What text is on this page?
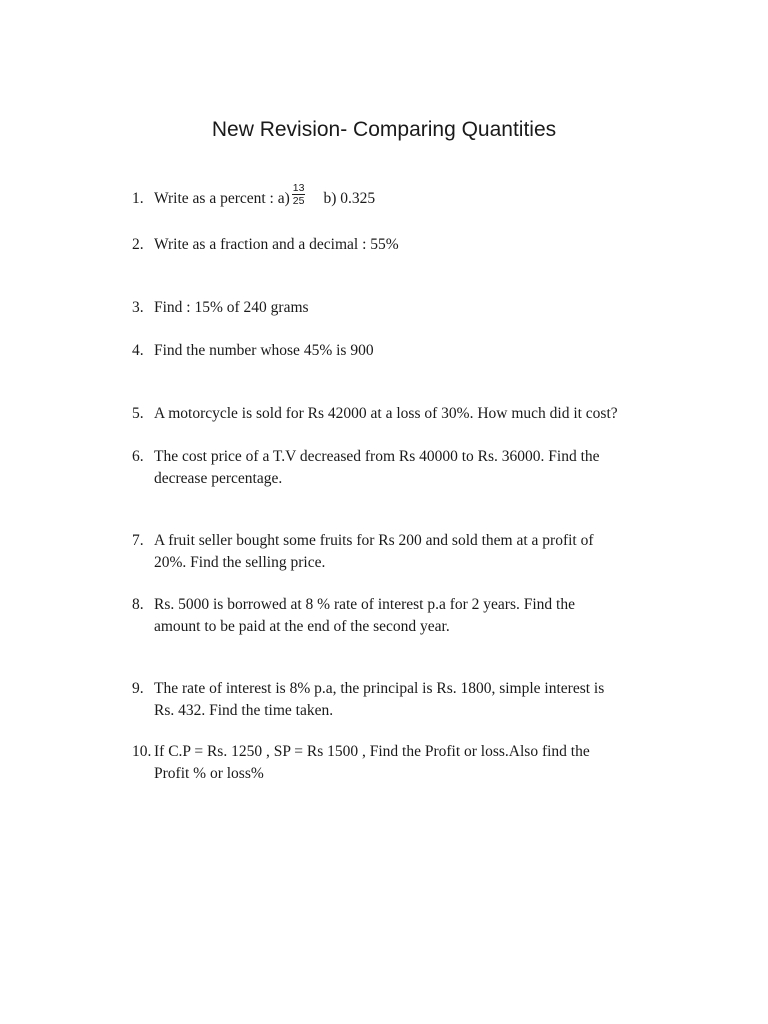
New Revision- Comparing Quantities
1. Write as a percent : $a) \frac{13}{25} b$) 0.325
2. Write as a fraction and a decimal : 55%
3. Find : 15% of 240 grams
4. Find the number whose 45% is 900
5. A motorcycle is sold for Rs 42000 at a loss of 30%. How much did it cost?
6. The cost price of a T.V decreased from Rs 40000 to Rs. 36000. Find the
decrease percentage.
7. A fruit seller bought some fruits for Rs 200 and sold them at a profit of
20%. Find the selling price.
8. Rs. 5000 is borrowed at 8 % rate of interest p.a for 2 years. Find the
amount to be paid at the end of the second year.
9. The rate of interest is 8% p.a, the principal is Rs. 1800, simple interest is
Rs. 432. Find the time taken.
10. If C.P = Rs. 1250 , SP = Rs 1500 , Find the Profit or loss.Also find the
Profit % or loss%
